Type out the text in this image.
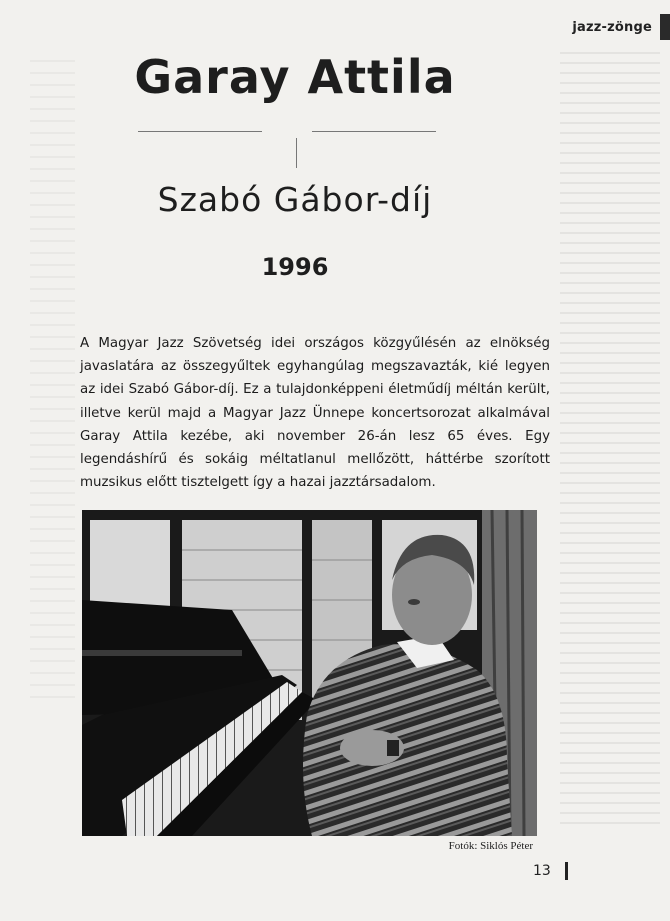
jazz-zönge
Garay Attila
Szabó Gábor-díj
1996

A Magyar Jazz Szövetség idei országos közgyűlésén az elnökség javaslatára az összegyűltek egyhangúlag megszavazták, kié legyen az idei Szabó Gábor-díj. Ez a tulajdonképpeni életműdíj méltán került, illetve kerül majd a Magyar Jazz Ünnepe koncertsorozat alkalmával Garay Attila kezébe, aki november 26-án lesz 65 éves. Egy legendáshírű és sokáig méltatlanul mellőzött, háttérbe szorított muzsikus előtt tisztelgett így a hazai jazztársadalom.

Fotók: Siklós Péter

13
